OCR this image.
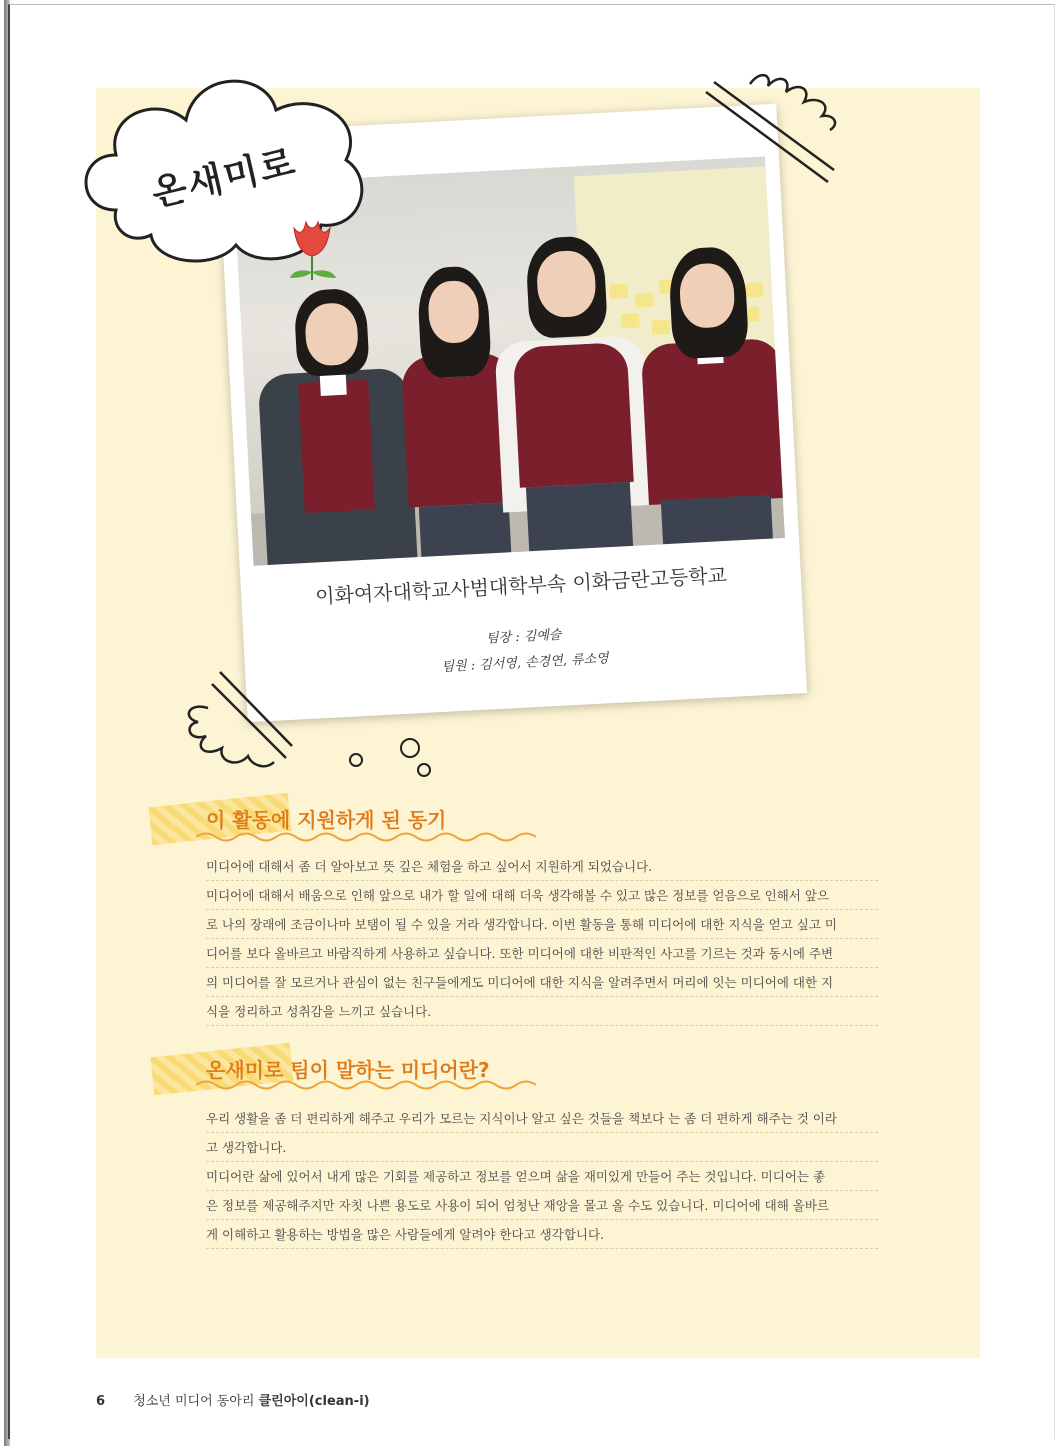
이화여자대학교사범대학부속 이화금란고등학교
팀장 : 김예슬
팀원 : 김서영, 손경연, 류소영
온새미로
이 활동에 지원하게 된 동기
미디어에 대해서 좀 더 알아보고 뜻 깊은 체험을 하고 싶어서 지원하게 되었습니다.
미디어에 대해서 배움으로 인해 앞으로 내가 할 일에 대해 더욱 생각해볼 수 있고 많은 정보를 얻음으로 인해서 앞으
로 나의 장래에 조금이나마 보탬이 될 수 있을 거라 생각합니다. 이번 활동을 통해 미디어에 대한 지식을 얻고 싶고 미
디어를 보다 올바르고 바람직하게 사용하고 싶습니다. 또한 미디어에 대한 비판적인 사고를 기르는 것과 동시에 주변
의 미디어를 잘 모르거나 관심이 없는 친구들에게도 미디어에 대한 지식을 알려주면서 머리에 잇는 미디어에 대한 지
식을 정리하고 성취감을 느끼고 싶습니다.
온새미로 팀이 말하는 미디어란?
우리 생활을 좀 더 편리하게 해주고 우리가 모르는 지식이나 알고 싶은 것들을 책보다 는 좀 더 편하게 해주는 것 이라
고 생각합니다.
미디어란 삶에 있어서 내게 많은 기회를 제공하고 정보를 얻으며 삶을 재미있게 만들어 주는 것입니다. 미디어는 좋
은 정보를 제공해주지만 자칫 나쁜 용도로 사용이 되어 엄청난 재앙을 몰고 올 수도 있습니다. 미디어에 대해 올바르
게 이해하고 활용하는 방법을 많은 사람들에게 알려야 한다고 생각합니다.
6 청소년 미디어 동아리 클린아이(clean-i)
